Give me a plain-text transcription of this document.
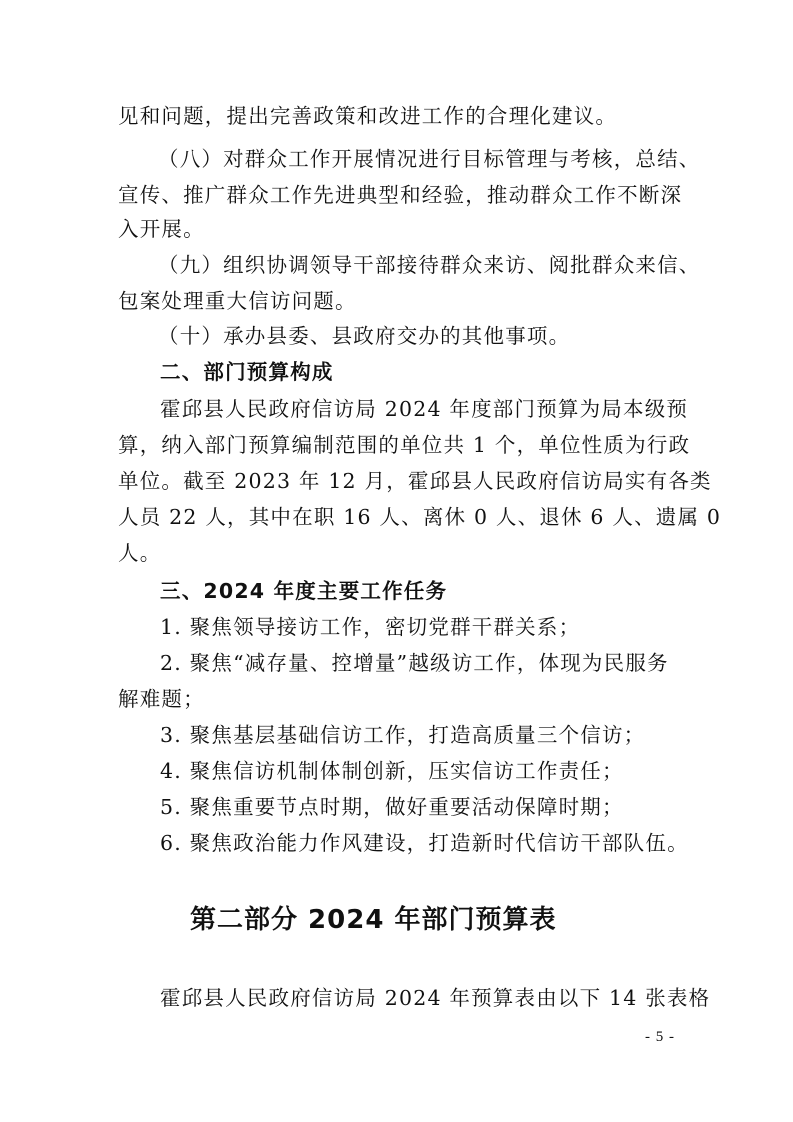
见和问题，提出完善政策和改进工作的合理化建议。
（八）对群众工作开展情况进行目标管理与考核，总结、
宣传、推广群众工作先进典型和经验，推动群众工作不断深
入开展。
（九）组织协调领导干部接待群众来访、阅批群众来信、
包案处理重大信访问题。
（十）承办县委、县政府交办的其他事项。
二、部门预算构成
霍邱县人民政府信访局 2024 年度部门预算为局本级预
算，纳入部门预算编制范围的单位共 1 个，单位性质为行政
单位。截至 2023 年 12 月，霍邱县人民政府信访局实有各类
人员 22 人，其中在职 16 人、离休 0 人、退休 6 人、遗属 0
人。
三、2024 年度主要工作任务
1. 聚焦领导接访工作，密切党群干群关系；
2. 聚焦“减存量、控增量”越级访工作，体现为民服务
解难题；
3. 聚焦基层基础信访工作，打造高质量三个信访；
4. 聚焦信访机制体制创新，压实信访工作责任；
5. 聚焦重要节点时期，做好重要活动保障时期；
6. 聚焦政治能力作风建设，打造新时代信访干部队伍。
第二部分 2024 年部门预算表
霍邱县人民政府信访局 2024 年预算表由以下 14 张表格
- 5 -
